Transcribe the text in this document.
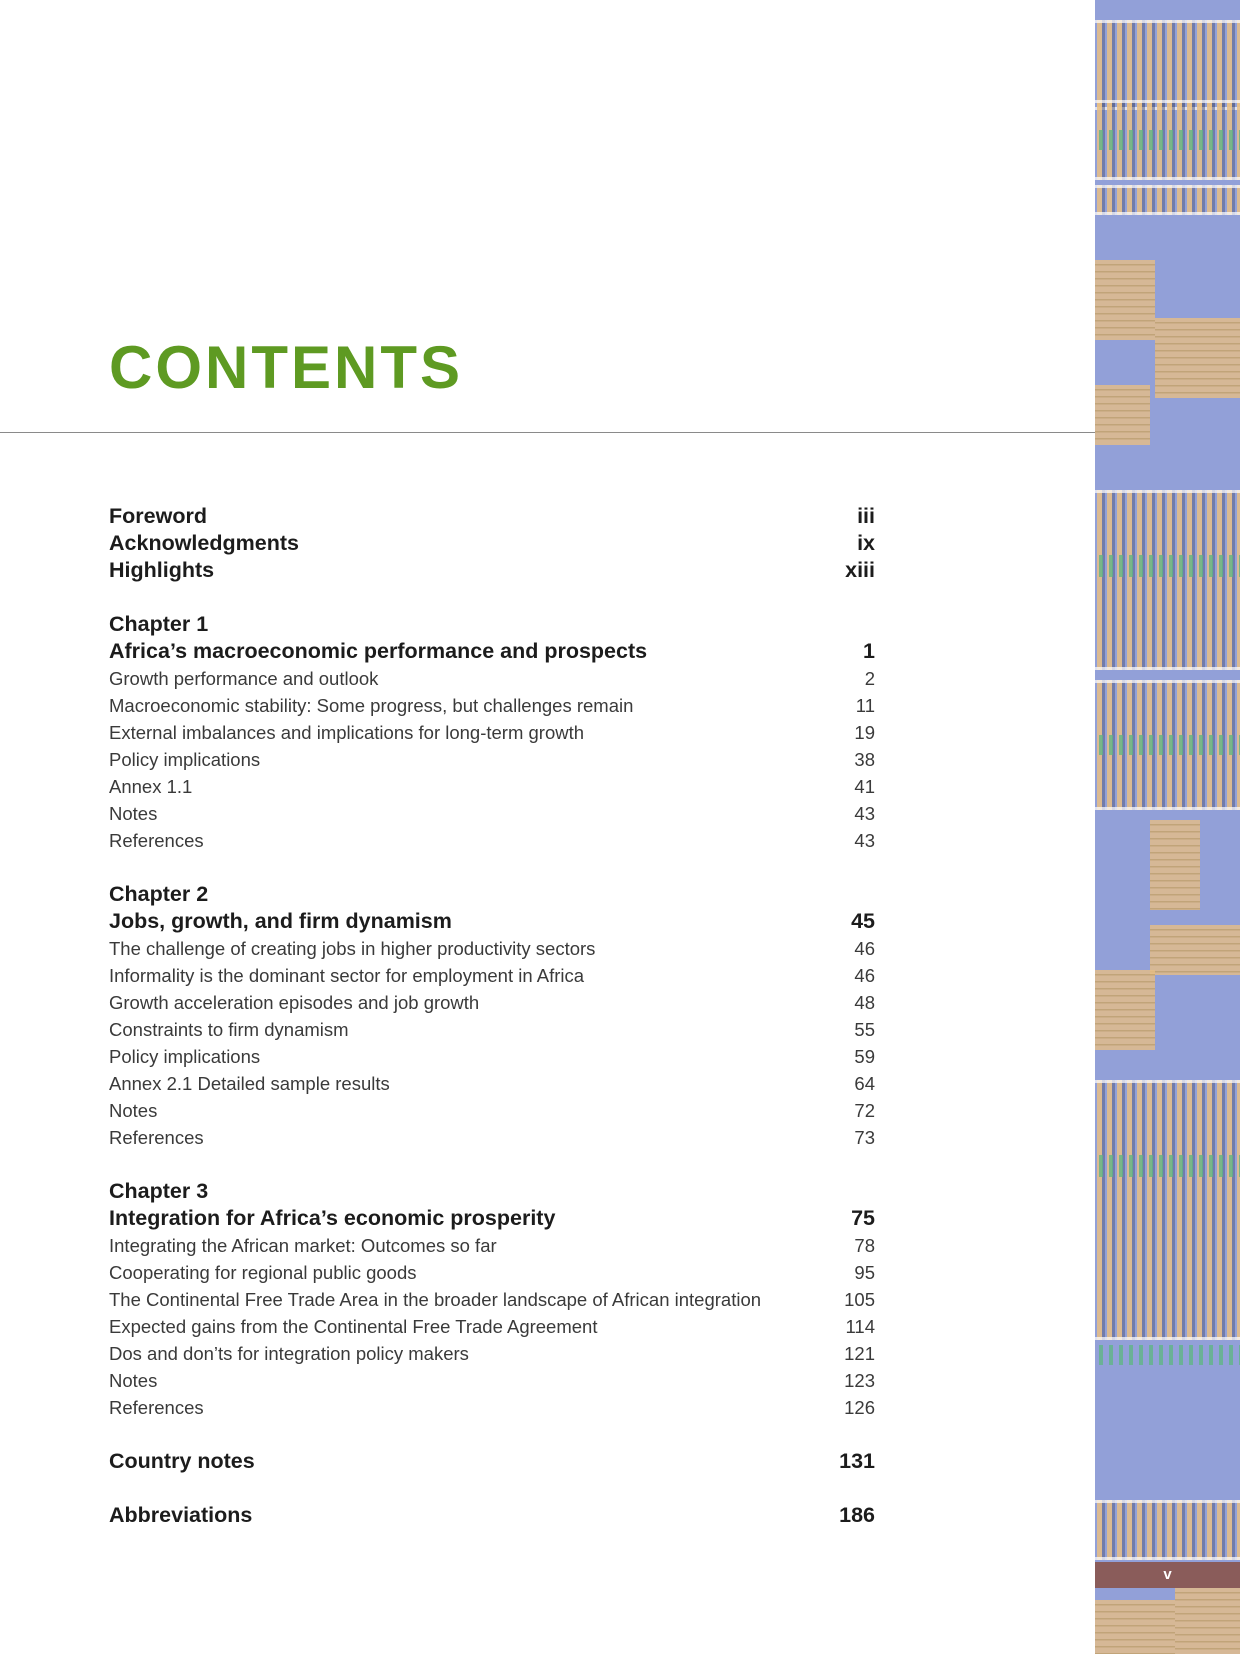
CONTENTS
Foreword	iii
Acknowledgments	ix
Highlights	xiii
Chapter 1
Africa’s macroeconomic performance and prospects	1
Growth performance and outlook	2
Macroeconomic stability: Some progress, but challenges remain	11
External imbalances and implications for long-term growth	19
Policy implications	38
Annex 1.1	41
Notes	43
References	43
Chapter 2
Jobs, growth, and firm dynamism	45
The challenge of creating jobs in higher productivity sectors	46
Informality is the dominant sector for employment in Africa	46
Growth acceleration episodes and job growth	48
Constraints to firm dynamism	55
Policy implications	59
Annex 2.1 Detailed sample results	64
Notes	72
References	73
Chapter 3
Integration for Africa’s economic prosperity	75
Integrating the African market: Outcomes so far	78
Cooperating for regional public goods	95
The Continental Free Trade Area in the broader landscape of African integration	105
Expected gains from the Continental Free Trade Agreement	114
Dos and don’ts for integration policy makers	121
Notes	123
References	126
Country notes	131
Abbreviations	186
v
